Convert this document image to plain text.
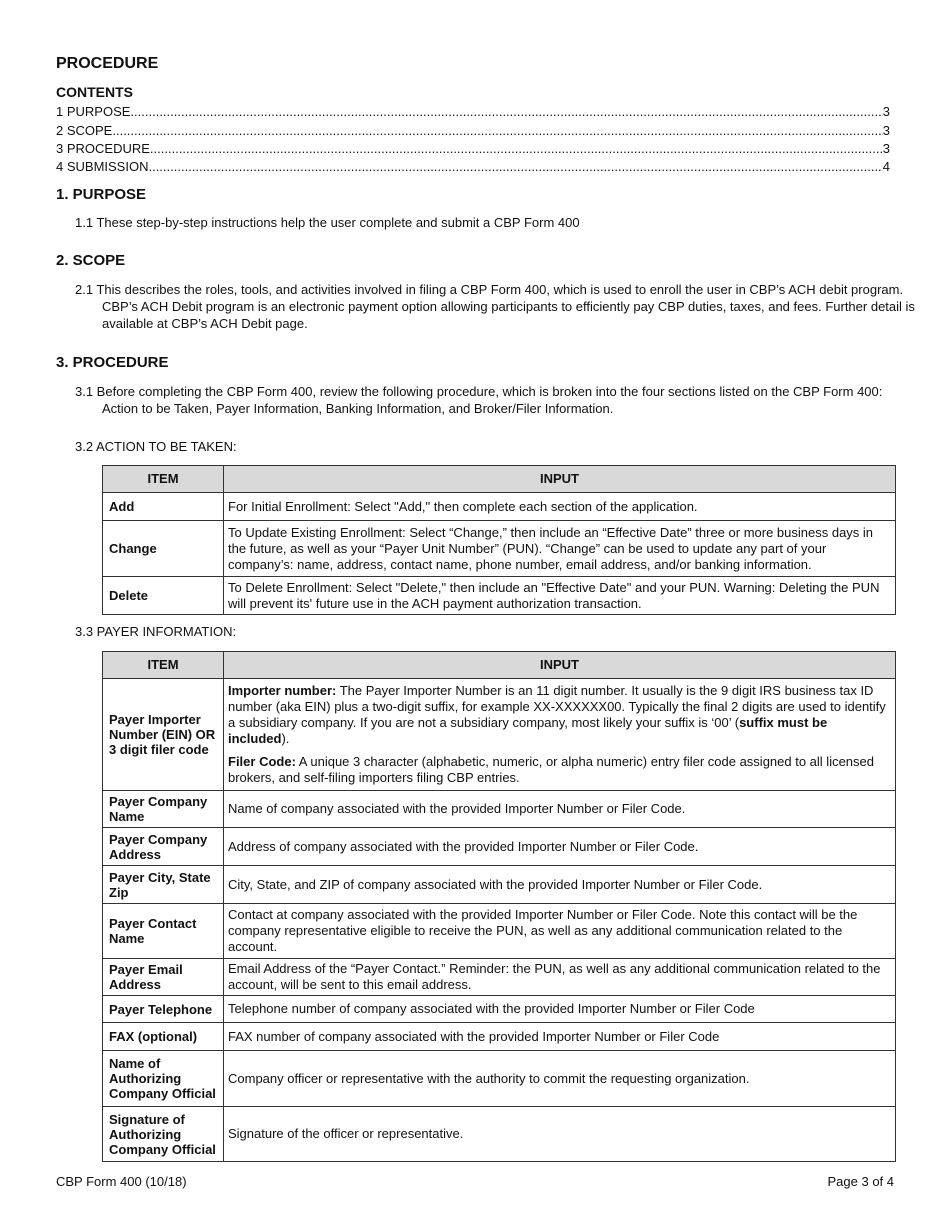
PROCEDURE
CONTENTS
1 PURPOSE .....	3
2 SCOPE .....	3
3 PROCEDURE .....	3
4 SUBMISSION .....	4
1. PURPOSE
1.1 These step-by-step instructions help the user complete and submit a CBP Form 400
2. SCOPE
2.1 This describes the roles, tools, and activities involved in filing a CBP Form 400, which is used to enroll the user in CBP’s ACH debit program. CBP’s ACH Debit program is an electronic payment option allowing participants to efficiently pay CBP duties, taxes, and fees. Further detail is available at CBP’s ACH Debit page.
3. PROCEDURE
3.1 Before completing the CBP Form 400, review the following procedure, which is broken into the four sections listed on the CBP Form 400: Action to be Taken, Payer Information, Banking Information, and Broker/Filer Information.
3.2 ACTION TO BE TAKEN:
ITEM	INPUT
Add	For Initial Enrollment: Select "Add," then complete each section of the application.
Change	To Update Existing Enrollment: Select “Change,” then include an “Effective Date” three or more business days in the future, as well as your “Payer Unit Number” (PUN). “Change” can be used to update any part of your company’s: name, address, contact name, phone number, email address, and/or banking information.
Delete	To Delete Enrollment: Select "Delete," then include an "Effective Date" and your PUN. Warning: Deleting the PUN will prevent its' future use in the ACH payment authorization transaction.
3.3 PAYER INFORMATION:
ITEM	INPUT
Payer Importer Number (EIN) OR 3 digit filer code	Importer number: The Payer Importer Number is an 11 digit number. It usually is the 9 digit IRS business tax ID number (aka EIN) plus a two-digit suffix, for example XX-XXXXXX00. Typically the final 2 digits are used to identify a subsidiary company. If you are not a subsidiary company, most likely your suffix is ‘00’ (suffix must be included).
Filer Code: A unique 3 character (alphabetic, numeric, or alpha numeric) entry filer code assigned to all licensed brokers, and self-filing importers filing CBP entries.
Payer Company Name	Name of company associated with the provided Importer Number or Filer Code.
Payer Company Address	Address of company associated with the provided Importer Number or Filer Code.
Payer City, State Zip	City, State, and ZIP of company associated with the provided Importer Number or Filer Code.
Payer Contact Name	Contact at company associated with the provided Importer Number or Filer Code. Note this contact will be the company representative eligible to receive the PUN, as well as any additional communication related to the account.
Payer Email Address	Email Address of the “Payer Contact.” Reminder: the PUN, as well as any additional communication related to the account, will be sent to this email address.
Payer Telephone	Telephone number of company associated with the provided Importer Number or Filer Code
FAX (optional)	FAX number of company associated with the provided Importer Number or Filer Code
Name of Authorizing Company Official	Company officer or representative with the authority to commit the requesting organization.
Signature of Authorizing Company Official	Signature of the officer or representative.
CBP Form 400 (10/18)	Page 3 of 4
